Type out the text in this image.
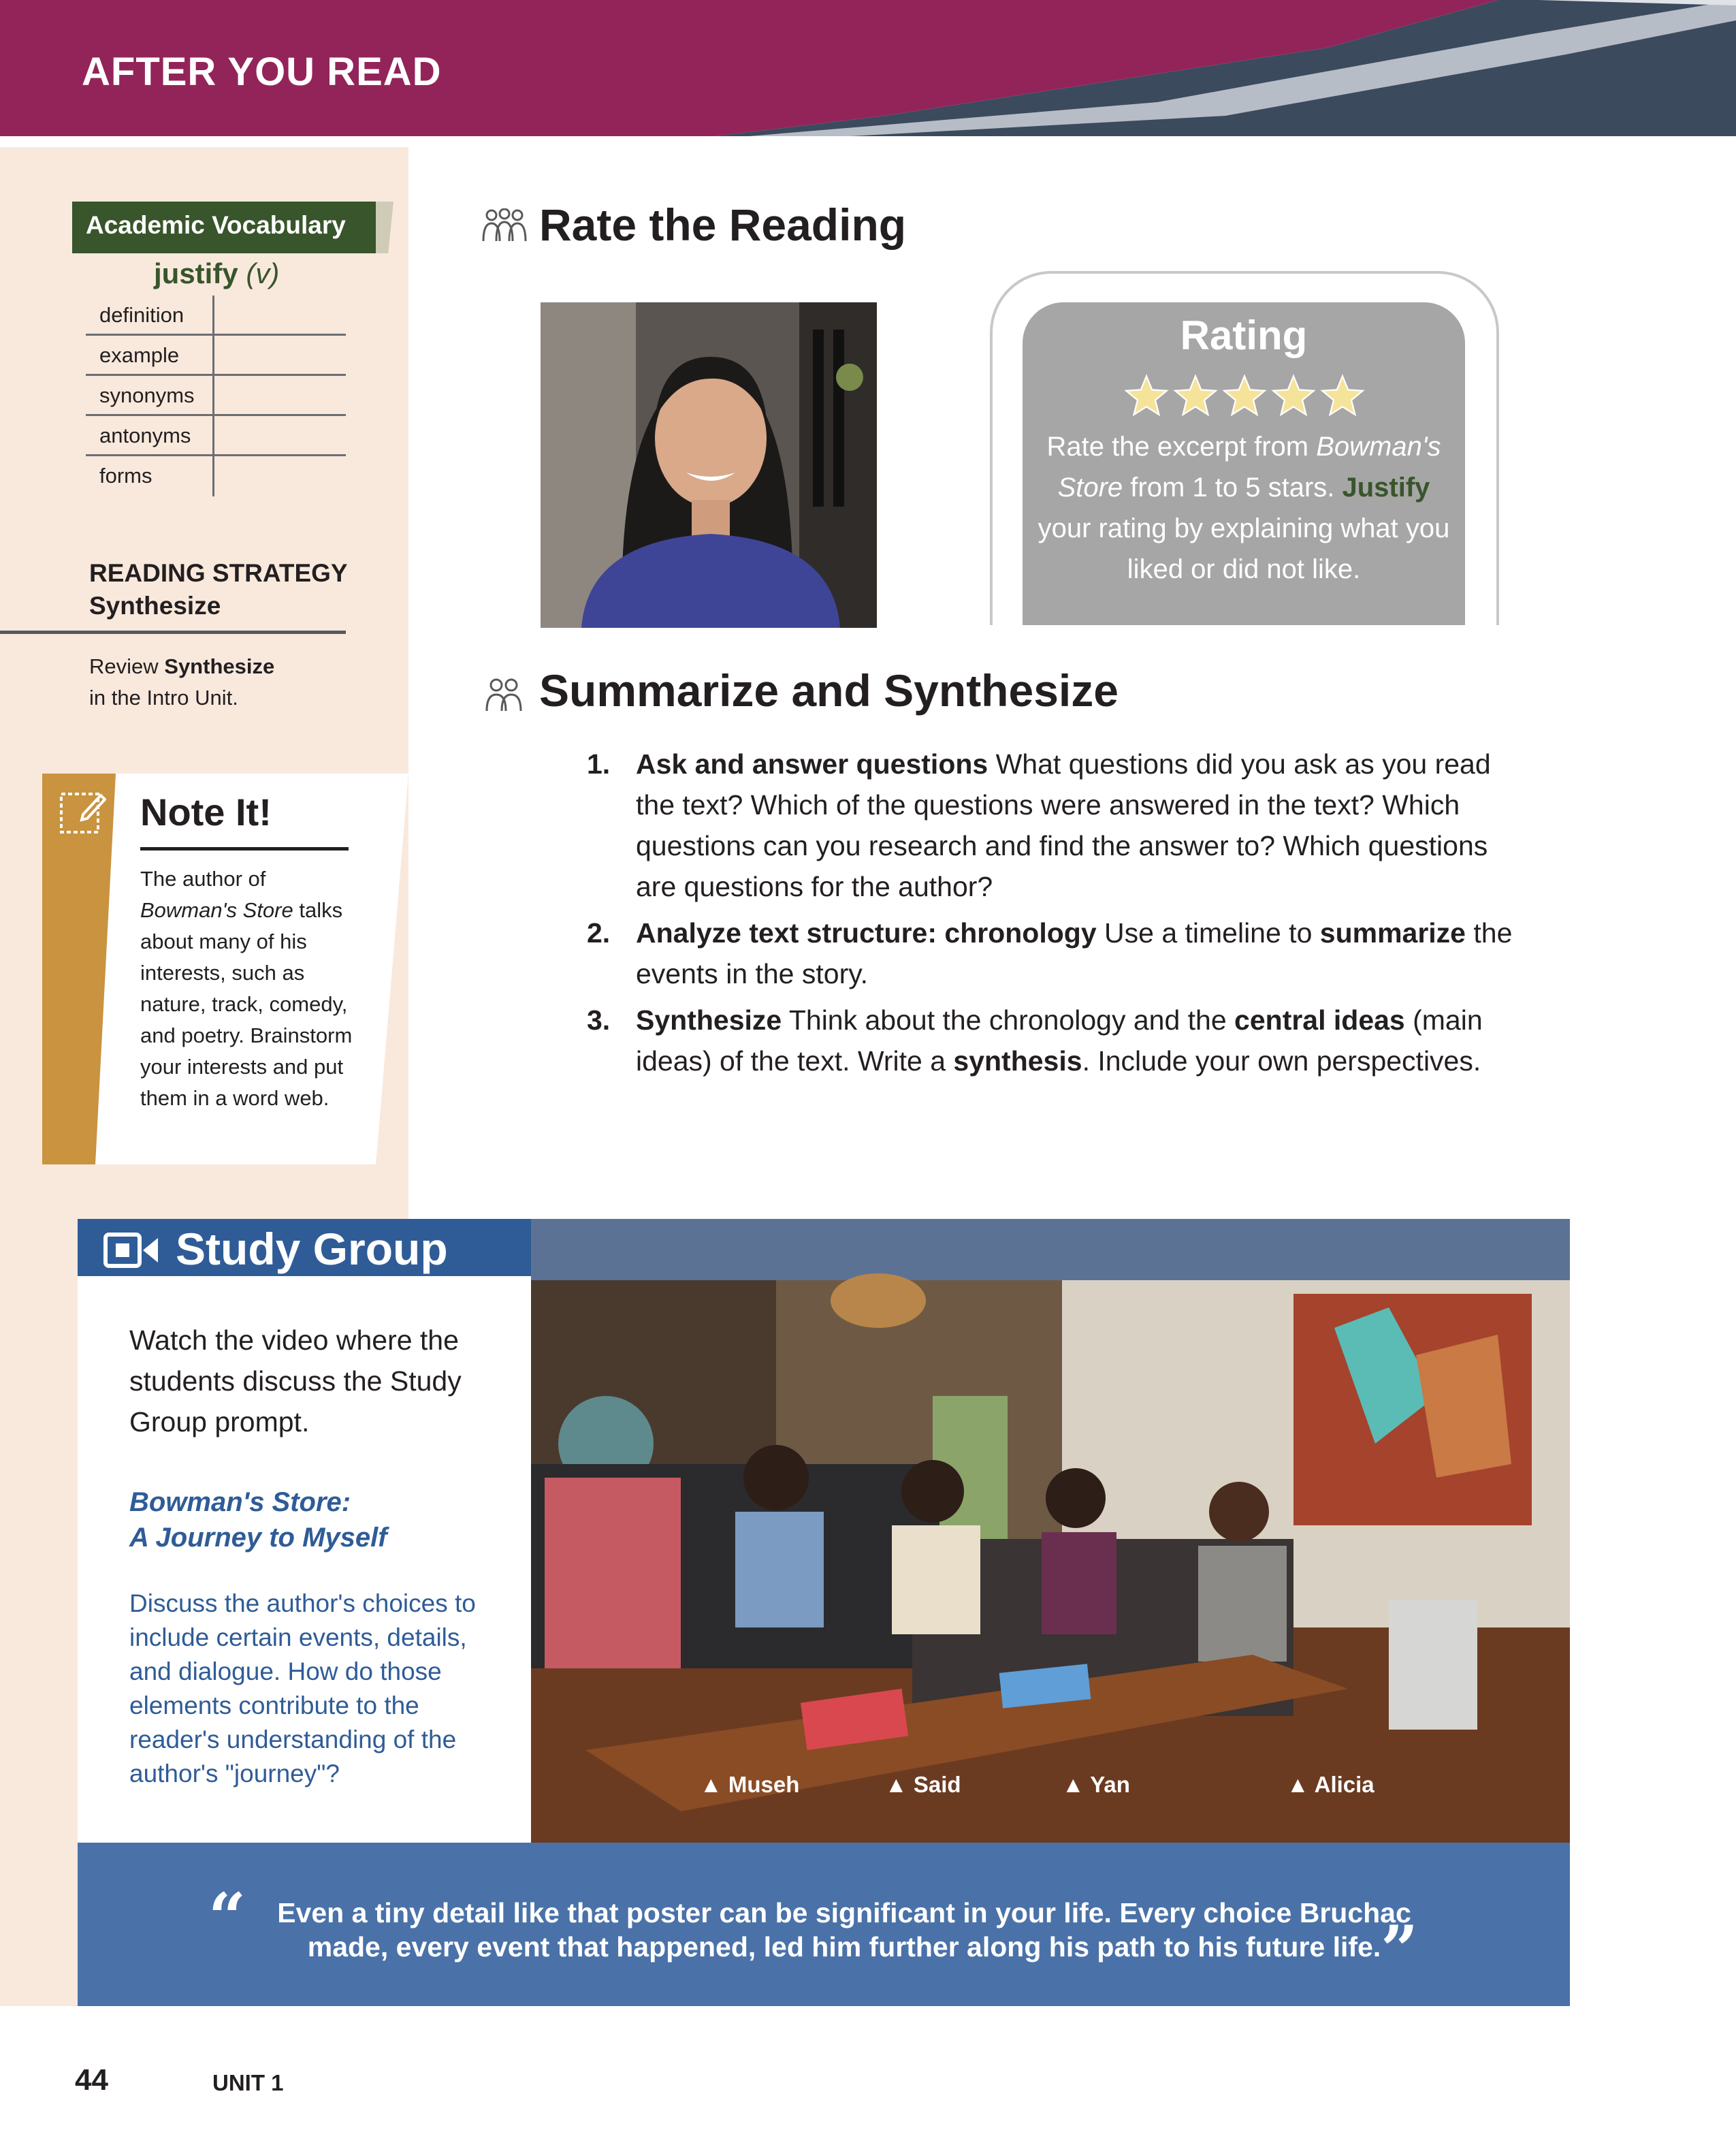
AFTER YOU READ
Academic Vocabulary
justify (v)
definition
example
synonyms
antonyms
forms
READING STRATEGY
Synthesize
Review Synthesize
in the Intro Unit.
Note It!
The author of Bowman's Store talks about many of his interests, such as nature, track, comedy, and poetry. Brainstorm your interests and put them in a word web.
Rate the Reading
Rating
Rate the excerpt from Bowman's Store from 1 to 5 stars. Justify your rating by explaining what you liked or did not like.
Summarize and Synthesize
1. Ask and answer questions What questions did you ask as you read the text? Which of the questions were answered in the text? Which questions can you research and find the answer to? Which questions are questions for the author?
2. Analyze text structure: chronology Use a timeline to summarize the events in the story.
3. Synthesize Think about the chronology and the central ideas (main ideas) of the text. Write a synthesis. Include your own perspectives.
Study Group
Watch the video where the students discuss the Study Group prompt.
Bowman's Store:
A Journey to Myself
Discuss the author's choices to include certain events, details, and dialogue. How do those elements contribute to the reader's understanding of the author's "journey"?	▲ Museh	▲ Said	▲ Yan	▲ Alicia
“	Even a tiny detail like that poster can be significant in your life. Every choice Bruchac made, every event that happened, led him further along his path to his future life. ”
44	UNIT 1
